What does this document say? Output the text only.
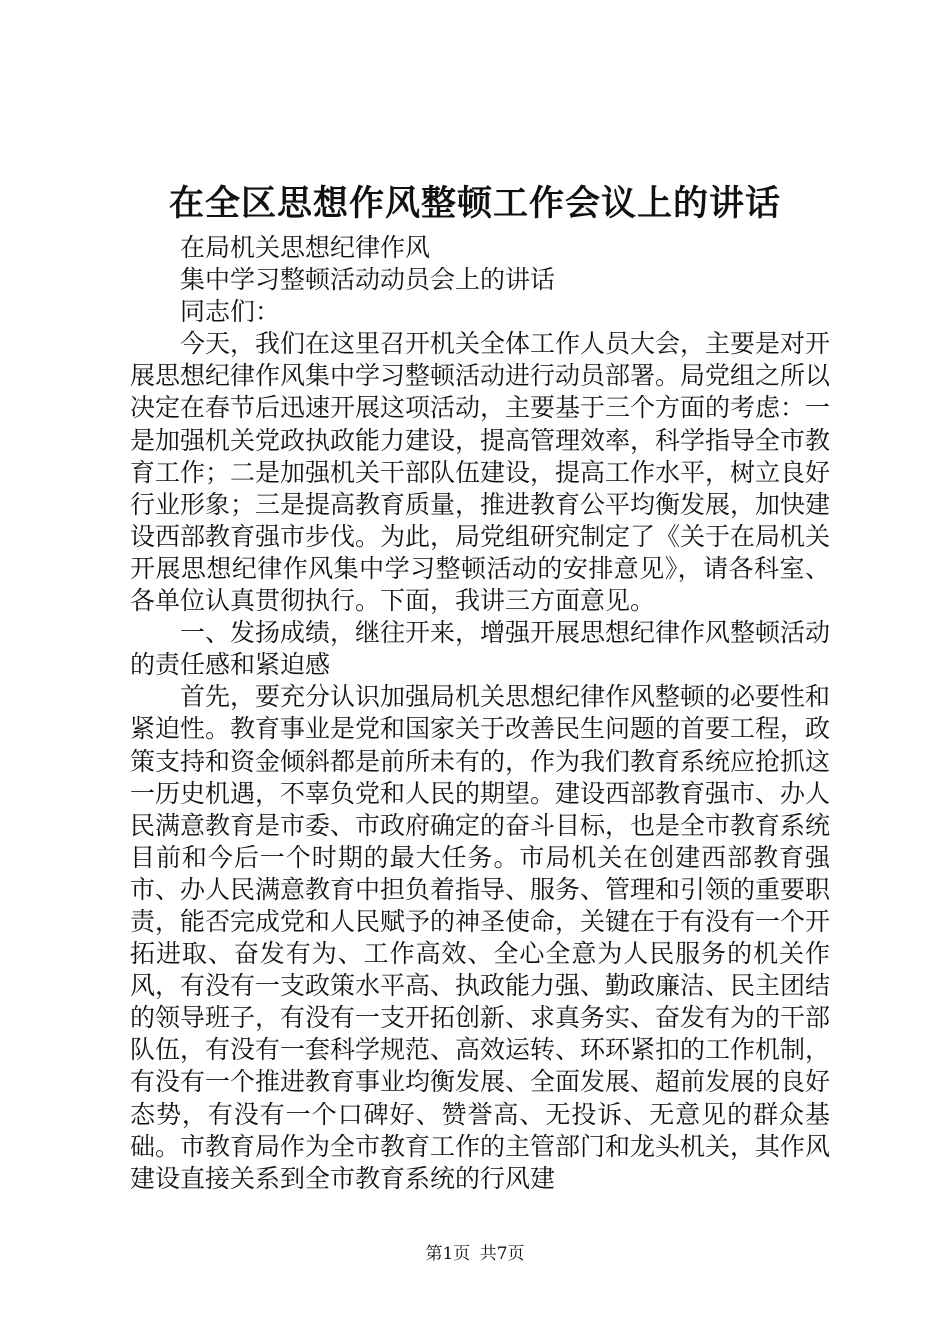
在全区思想作风整顿工作会议上的讲话

在局机关思想纪律作风

集中学习整顿活动动员会上的讲话

同志们：

今天，我们在这里召开机关全体工作人员大会，主要是对开展思想纪律作风集中学习整顿活动进行动员部署。局党组之所以决定在春节后迅速开展这项活动，主要基于三个方面的考虑：一是加强机关党政执政能力建设，提高管理效率，科学指导全市教育工作；二是加强机关干部队伍建设，提高工作水平，树立良好行业形象；三是提高教育质量，推进教育公平均衡发展，加快建设西部教育强市步伐。为此，局党组研究制定了《关于在局机关开展思想纪律作风集中学习整顿活动的安排意见》，请各科室、各单位认真贯彻执行。下面，我讲三方面意见。

一、发扬成绩，继往开来，增强开展思想纪律作风整顿活动的责任感和紧迫感

首先，要充分认识加强局机关思想纪律作风整顿的必要性和紧迫性。教育事业是党和国家关于改善民生问题的首要工程，政策支持和资金倾斜都是前所未有的，作为我们教育系统应抢抓这一历史机遇，不辜负党和人民的期望。建设西部教育强市、办人民满意教育是市委、市政府确定的奋斗目标，也是全市教育系统目前和今后一个时期的最大任务。市局机关在创建西部教育强市、办人民满意教育中担负着指导、服务、管理和引领的重要职责，能否完成党和人民赋予的神圣使命，关键在于有没有一个开拓进取、奋发有为、工作高效、全心全意为人民服务的机关作风，有没有一支政策水平高、执政能力强、勤政廉洁、民主团结的领导班子，有没有一支开拓创新、求真务实、奋发有为的干部队伍，有没有一套科学规范、高效运转、环环紧扣的工作机制，有没有一个推进教育事业均衡发展、全面发展、超前发展的良好态势，有没有一个口碑好、赞誉高、无投诉、无意见的群众基础。市教育局作为全市教育工作的主管部门和龙头机关，其作风建设直接关系到全市教育系统的行风建

第1页 共7页
